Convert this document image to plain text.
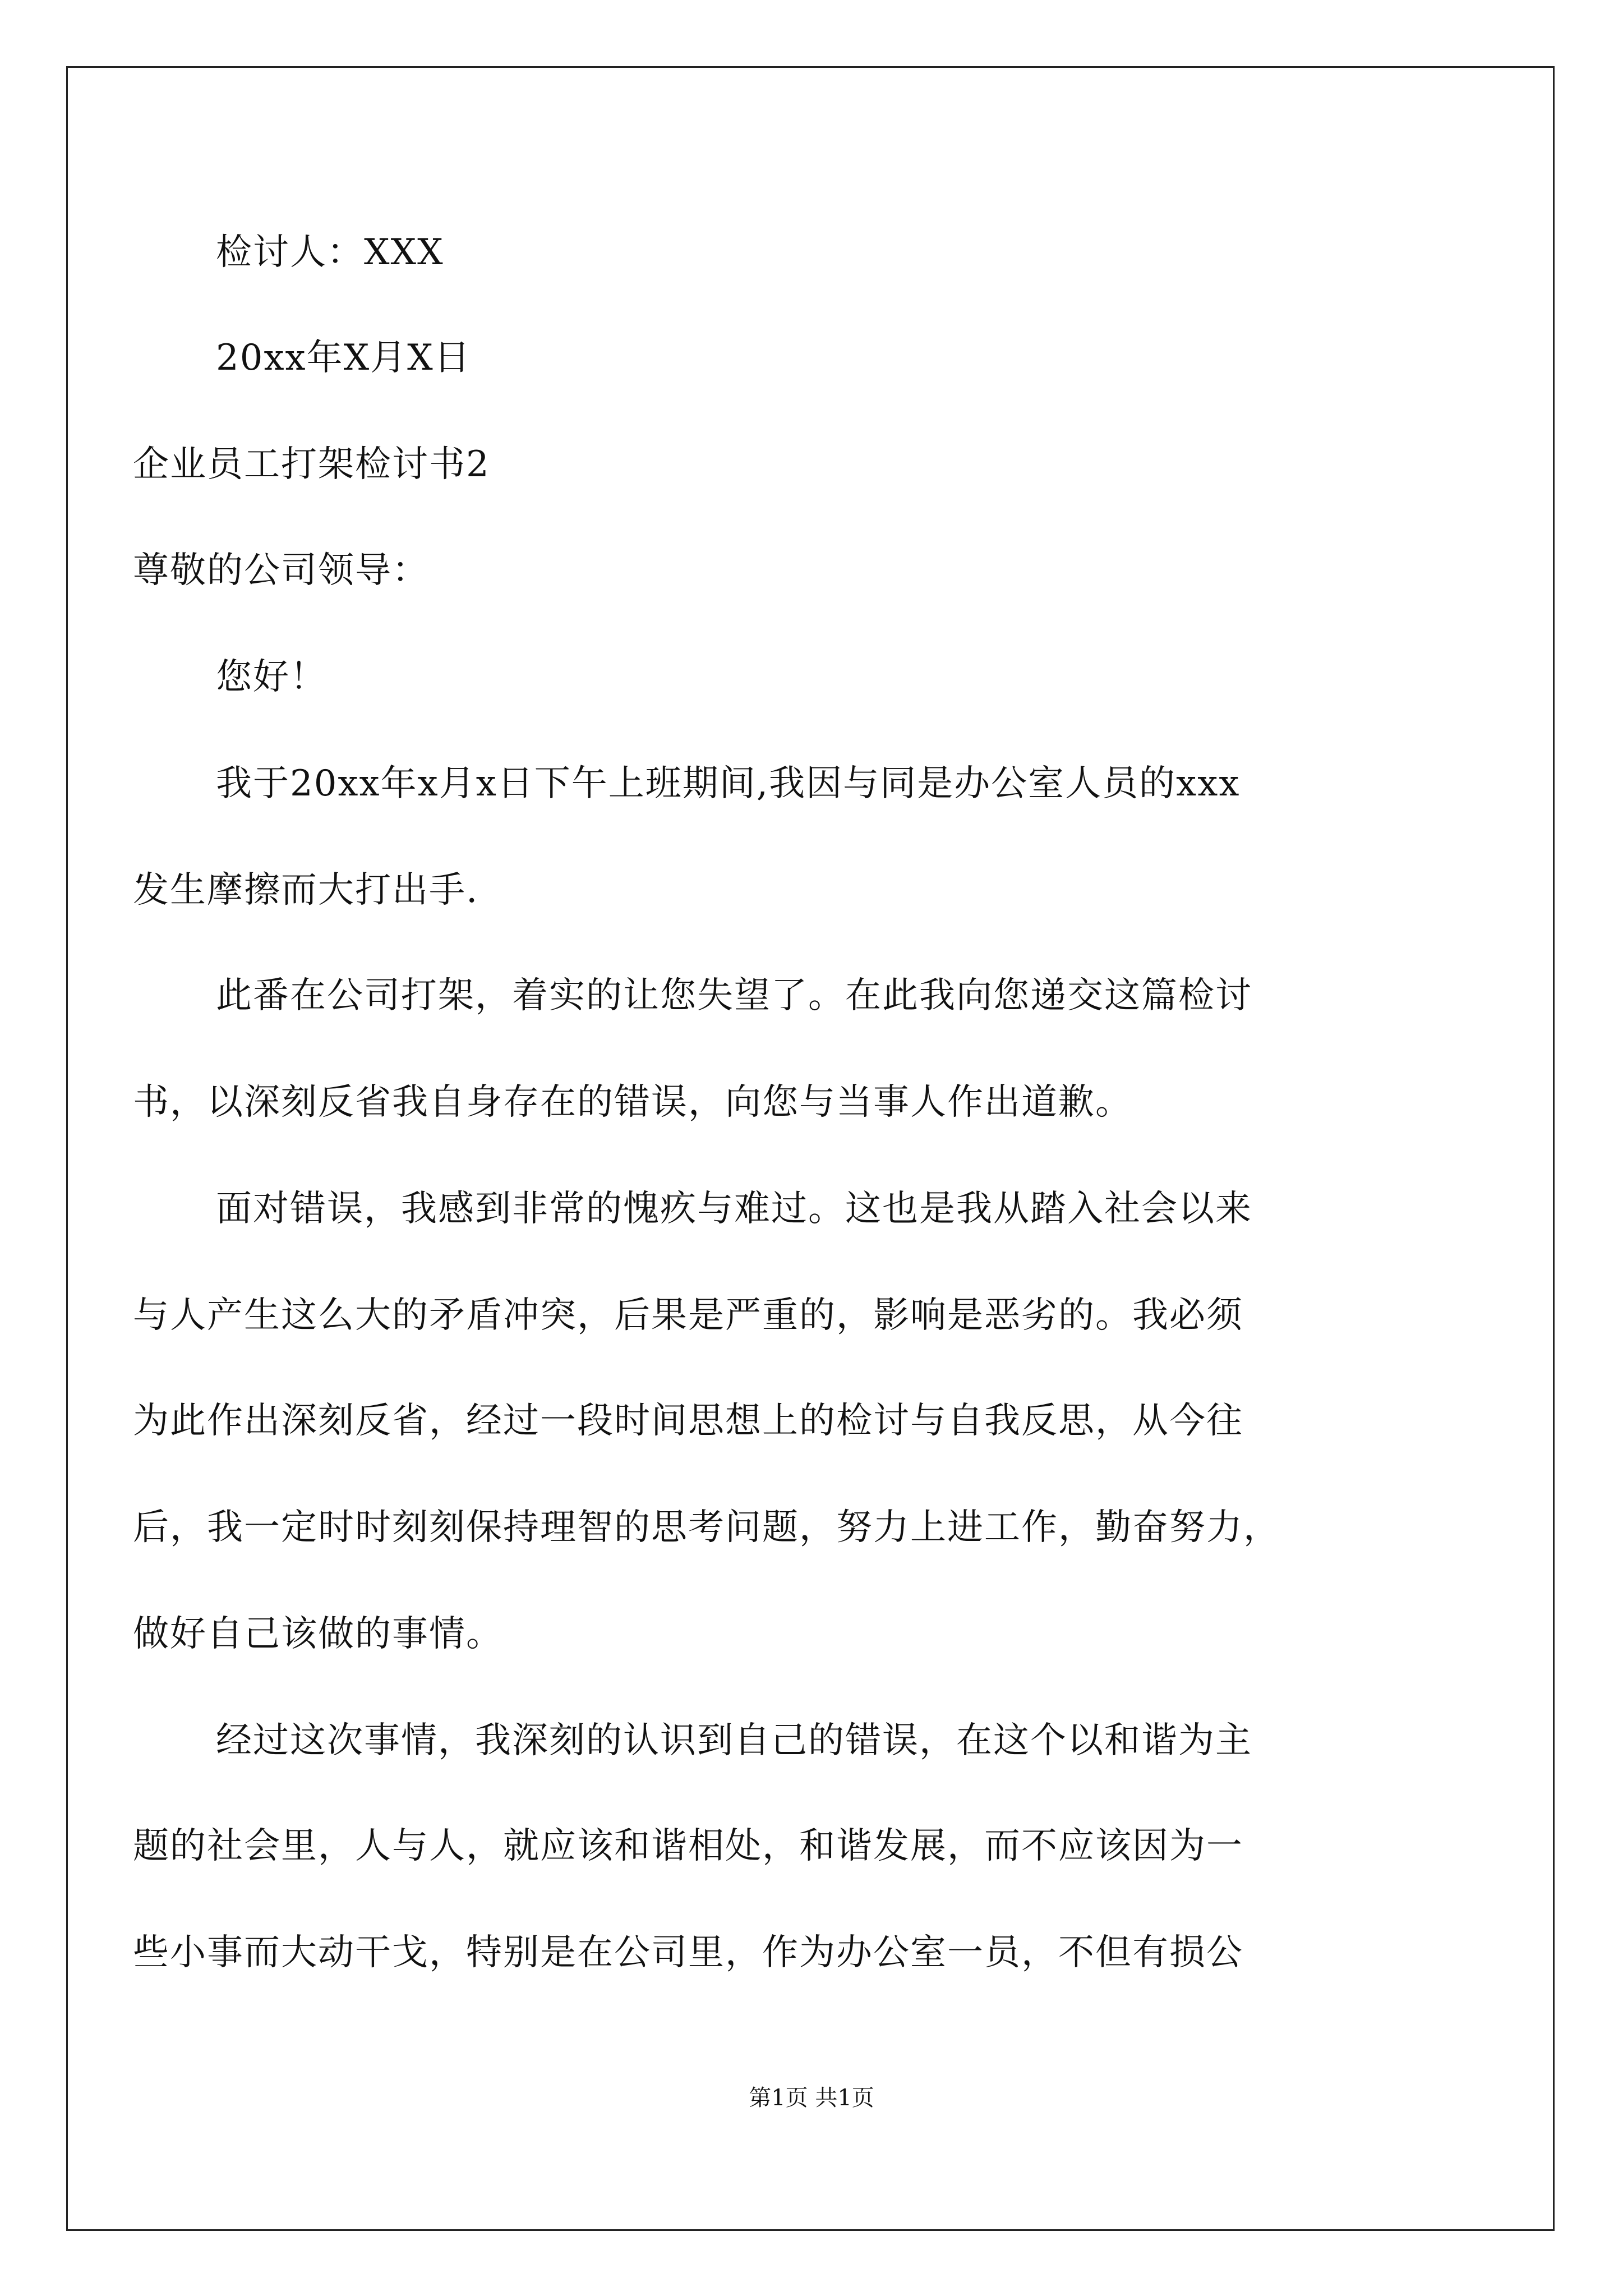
检讨人：XXX
20xx年X月X日
企业员工打架检讨书2
尊敬的公司领导：
您好！
我于20xx年x月x日下午上班期间,我因与同是办公室人员的xxx
发生摩擦而大打出手.
此番在公司打架，着实的让您失望了。在此我向您递交这篇检讨
书，以深刻反省我自身存在的错误，向您与当事人作出道歉。
面对错误，我感到非常的愧疚与难过。这也是我从踏入社会以来
与人产生这么大的矛盾冲突，后果是严重的，影响是恶劣的。我必须
为此作出深刻反省，经过一段时间思想上的检讨与自我反思，从今往
后，我一定时时刻刻保持理智的思考问题，努力上进工作，勤奋努力，
做好自己该做的事情。
经过这次事情，我深刻的认识到自己的错误，在这个以和谐为主
题的社会里，人与人，就应该和谐相处，和谐发展，而不应该因为一
些小事而大动干戈，特别是在公司里，作为办公室一员，不但有损公
第1页 共1页
